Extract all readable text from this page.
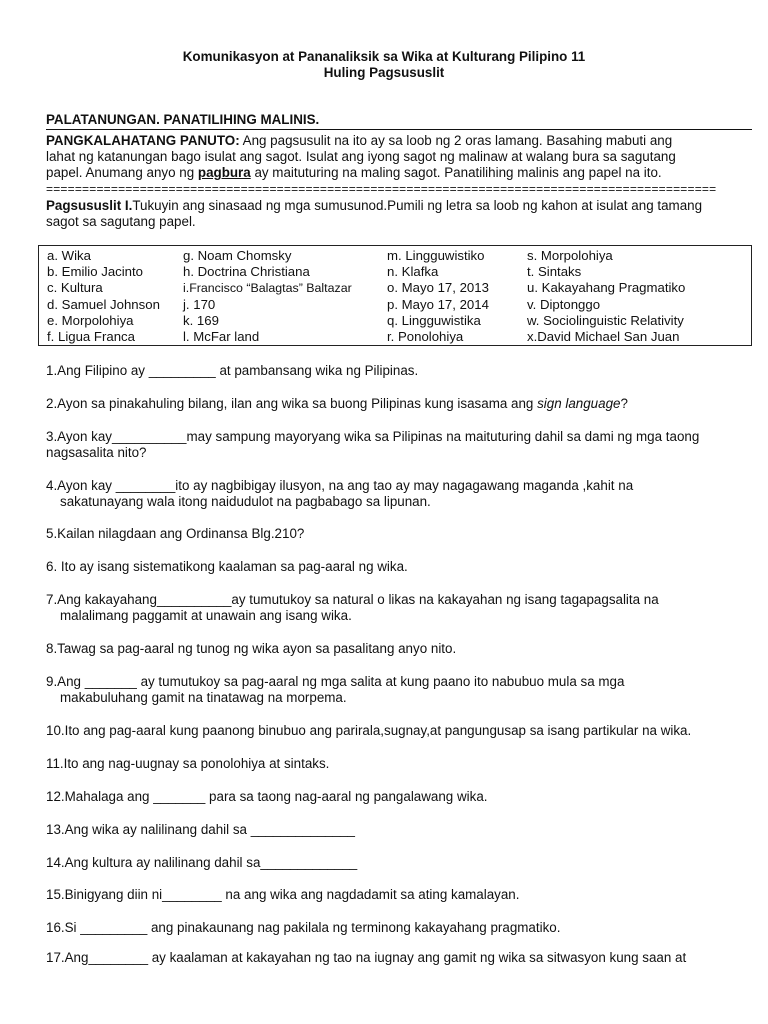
Komunikasyon at Pananaliksik sa Wika at Kulturang Pilipino 11
Huling Pagsususlit
PALATANUNGAN. PANATILIHING MALINIS.
PANGKALAHATANG PANUTO: Ang pagsusulit na ito ay sa loob ng 2 oras lamang. Basahing mabuti ang
lahat ng katanungan bago isulat ang sagot. Isulat ang iyong sagot ng malinaw at walang bura sa sagutang
papel. Anumang anyo ng pagbura ay maituturing na maling sagot. Panatilihing malinis ang papel na ito.
=============================================================================================
Pagsususlit I.Tukuyin ang sinasaad ng mga sumusunod.Pumili ng letra sa loob ng kahon at isulat ang tamang
sagot sa sagutang papel.
a. Wika
b. Emilio Jacinto
c. Kultura
d. Samuel Johnson
e. Morpolohiya
f. Ligua Franca
g. Noam Chomsky
h. Doctrina Christiana
i.Francisco “Balagtas” Baltazar
j. 170
k. 169
l. McFar land
m. Lingguwistiko
n. Klafka
o. Mayo 17, 2013
p. Mayo 17, 2014
q. Lingguwistika
r. Ponolohiya
s. Morpolohiya
t. Sintaks
u. Kakayahang Pragmatiko
v. Diptonggo
w. Sociolinguistic Relativity
x.David Michael San Juan
1.Ang Filipino ay _________ at pambansang wika ng Pilipinas.
2.Ayon sa pinakahuling bilang, ilan ang wika sa buong Pilipinas kung isasama ang sign language?
3.Ayon kay__________may sampung mayoryang wika sa Pilipinas na maituturing dahil sa dami ng mga taong
nagsasalita nito?
4.Ayon kay ________ito ay nagbibigay ilusyon, na ang tao ay may nagagawang maganda ,kahit na
sakatunayang wala itong naidudulot na pagbabago sa lipunan.
5.Kailan nilagdaan ang Ordinansa Blg.210?
6. Ito ay isang sistematikong kaalaman sa pag-aaral ng wika.
7.Ang kakayahang__________ay tumutukoy sa natural o likas na kakayahan ng isang tagapagsalita na
malalimang paggamit at unawain ang isang wika.
8.Tawag sa pag-aaral ng tunog ng wika ayon sa pasalitang anyo nito.
9.Ang _______ ay tumutukoy sa pag-aaral ng mga salita at kung paano ito nabubuo mula sa mga
makabuluhang gamit na tinatawag na morpema.
10.Ito ang pag-aaral kung paanong binubuo ang parirala,sugnay,at pangungusap sa isang partikular na wika.
11.Ito ang nag-uugnay sa ponolohiya at sintaks.
12.Mahalaga ang _______ para sa taong nag-aaral ng pangalawang wika.
13.Ang wika ay nalilinang dahil sa ______________
14.Ang kultura ay nalilinang dahil sa_____________
15.Binigyang diin ni________ na ang wika ang nagdadamit sa ating kamalayan.
16.Si _________ ang pinakaunang nag pakilala ng terminong kakayahang pragmatiko.
17.Ang________ ay kaalaman at kakayahan ng tao na iugnay ang gamit ng wika sa sitwasyon kung saan at
